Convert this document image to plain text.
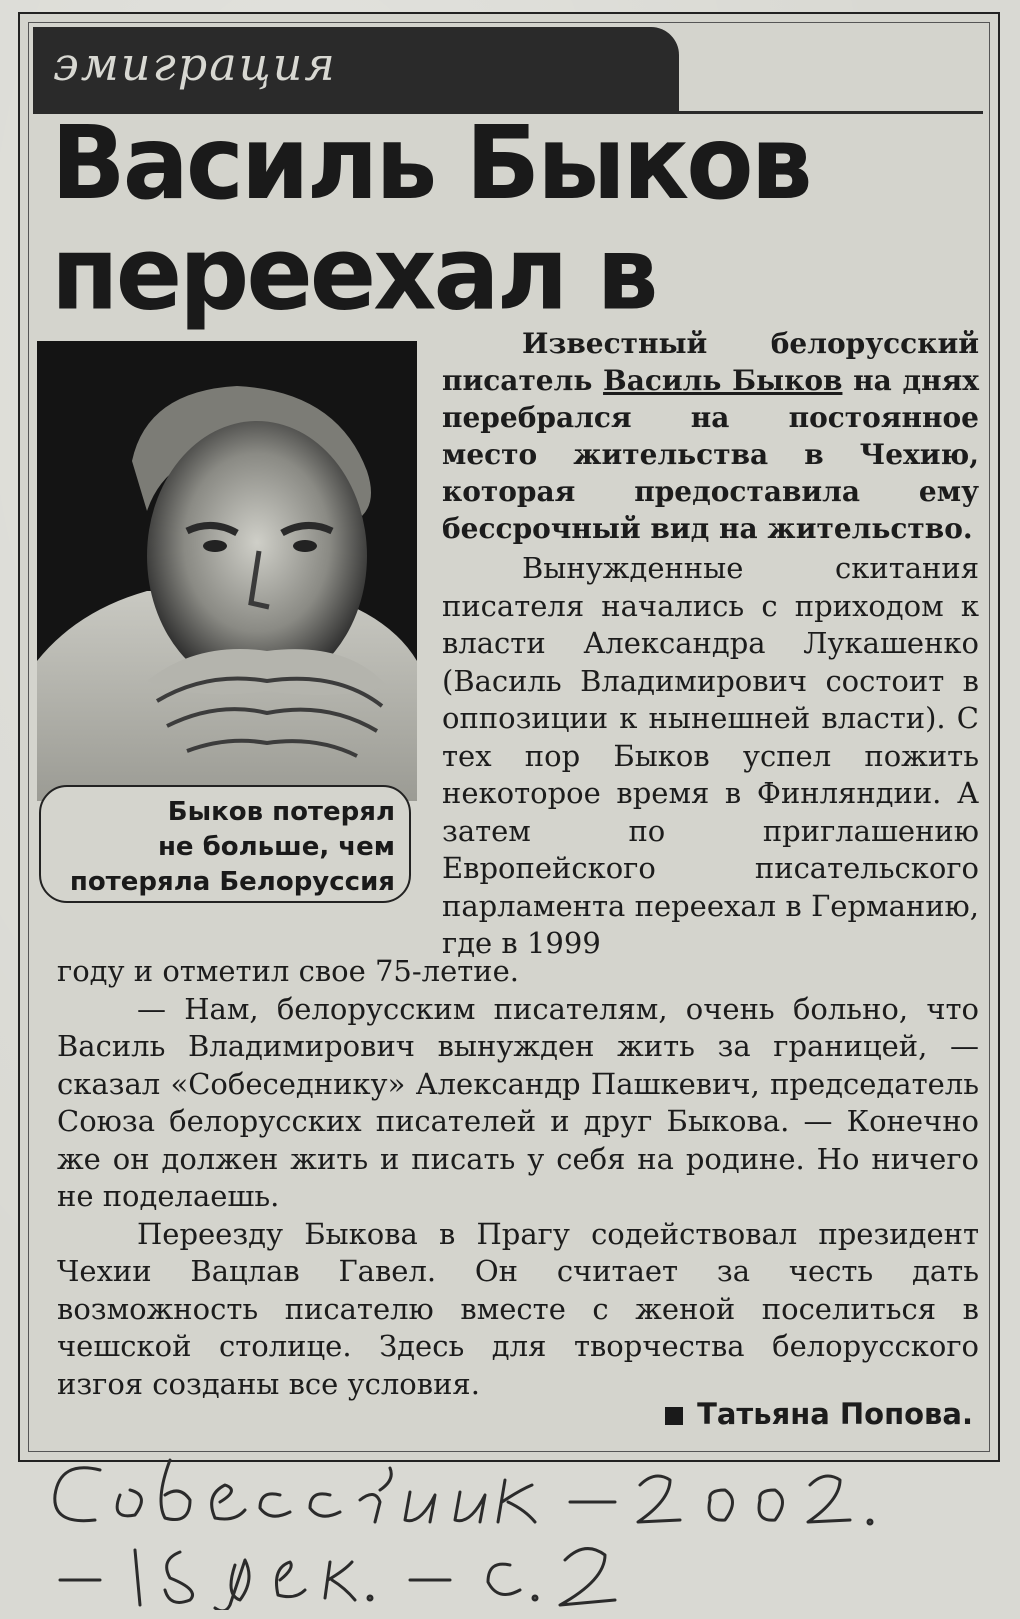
эмиграция
Василь Быков
переехал в
Быков потерял
не больше, чем
потеряла Белоруссия
Известный белорусский писатель Василь Быков на днях перебрался на постоянное место жительства в Чехию, которая предоставила ему бессрочный вид на жительство.
Вынужденные скитания писателя начались с приходом к власти Александра Лукашенко (Василь Владимирович состоит в оппозиции к нынешней власти). С тех пор Быков успел пожить некоторое время в Финляндии. А затем по приглашению Европейского писательского парламента переехал в Германию, где в 1999

году и отметил свое 75-летие.

— Нам, белорусским писателям, очень больно, что Василь Владимирович вынужден жить за границей, — сказал «Собеседнику» Александр Пашкевич, председатель Союза белорусских писателей и друг Быкова. — Конечно же он должен жить и писать у себя на родине. Но ничего не поделаешь.

Переезду Быкова в Прагу содействовал президент Чехии Вацлав Гавел. Он считает за честь дать возможность писателю вместе с женой поселиться в чешской столице. Здесь для творчества белорусского изгоя созданы все условия.

Татьяна Попова.
